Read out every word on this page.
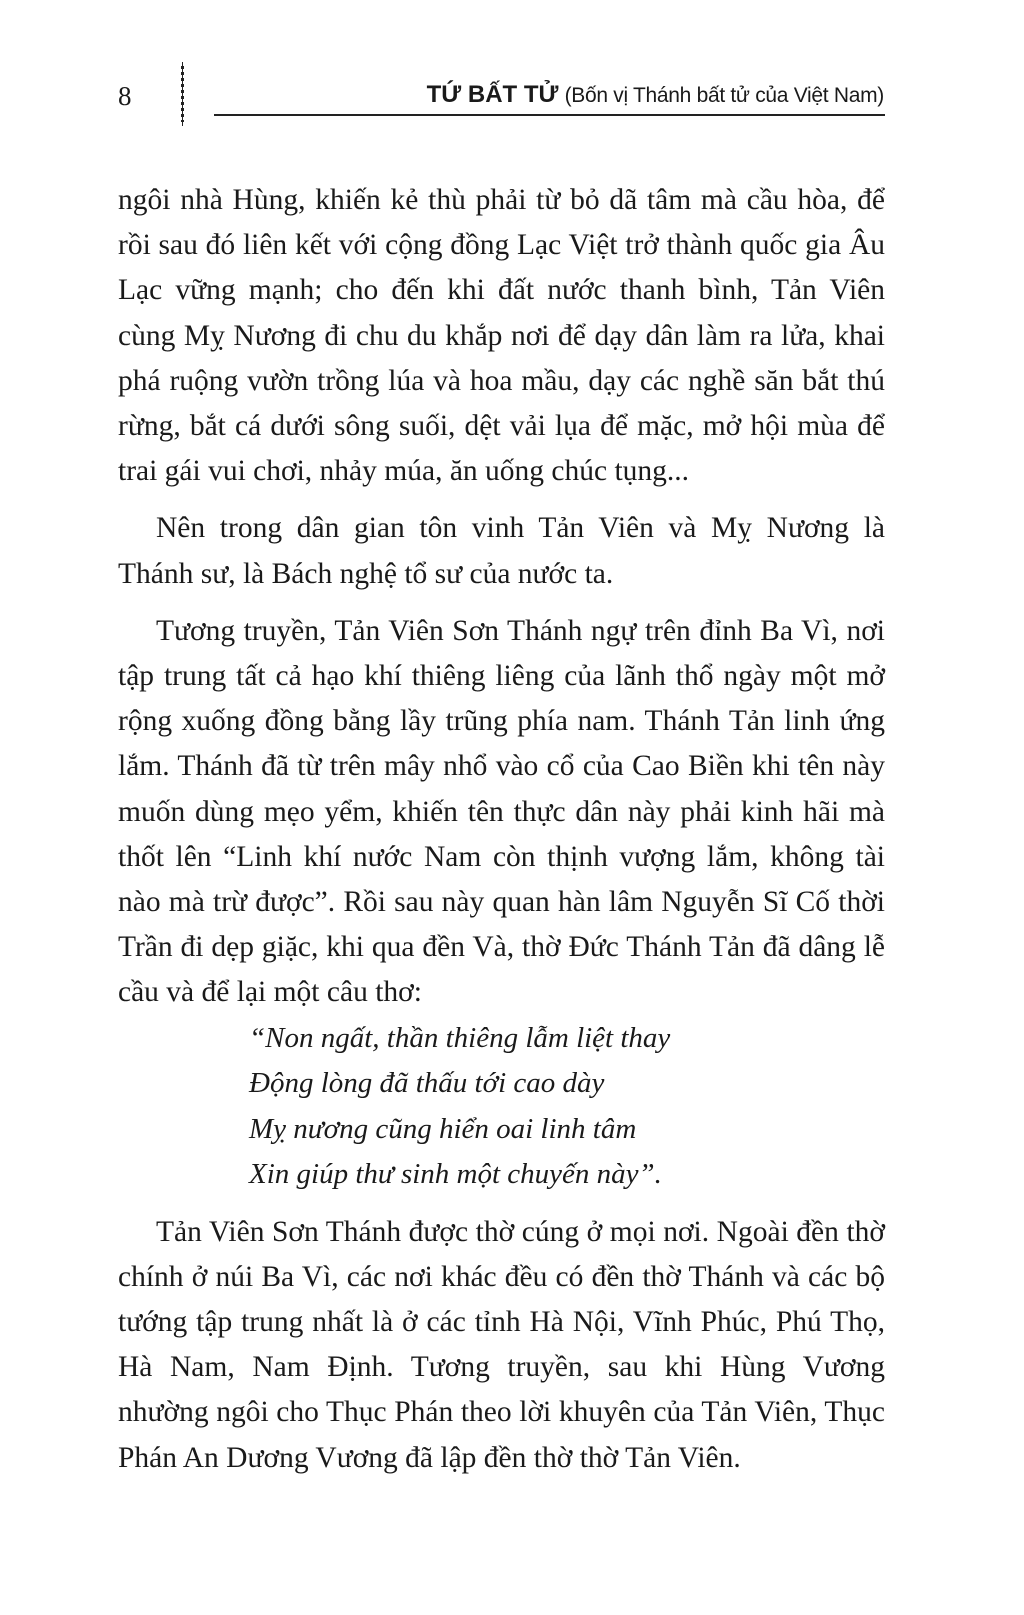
8	TỨ BẤT TỬ (Bốn vị Thánh bất tử của Việt Nam)

ngôi nhà Hùng, khiến kẻ thù phải từ bỏ dã tâm mà cầu hòa, để rồi sau đó liên kết với cộng đồng Lạc Việt trở thành quốc gia Âu Lạc vững mạnh; cho đến khi đất nước thanh bình, Tản Viên cùng Mỵ Nương đi chu du khắp nơi để dạy dân làm ra lửa, khai phá ruộng vườn trồng lúa và hoa mầu, dạy các nghề săn bắt thú rừng, bắt cá dưới sông suối, dệt vải lụa để mặc, mở hội mùa để trai gái vui chơi, nhảy múa, ăn uống chúc tụng...

Nên trong dân gian tôn vinh Tản Viên và Mỵ Nương là Thánh sư, là Bách nghệ tổ sư của nước ta.

Tương truyền, Tản Viên Sơn Thánh ngự trên đỉnh Ba Vì, nơi tập trung tất cả hạo khí thiêng liêng của lãnh thổ ngày một mở rộng xuống đồng bằng lầy trũng phía nam. Thánh Tản linh ứng lắm. Thánh đã từ trên mây nhổ vào cổ của Cao Biền khi tên này muốn dùng mẹo yểm, khiến tên thực dân này phải kinh hãi mà thốt lên “Linh khí nước Nam còn thịnh vượng lắm, không tài nào mà trừ được”. Rồi sau này quan hàn lâm Nguyễn Sĩ Cố thời Trần đi dẹp giặc, khi qua đền Và, thờ Đức Thánh Tản đã dâng lễ cầu và để lại một câu thơ:

“Non ngất, thần thiêng lẫm liệt thay
Động lòng đã thấu tới cao dày
Mỵ nương cũng hiển oai linh tâm
Xin giúp thư sinh một chuyến này”.

Tản Viên Sơn Thánh được thờ cúng ở mọi nơi. Ngoài đền thờ chính ở núi Ba Vì, các nơi khác đều có đền thờ Thánh và các bộ tướng tập trung nhất là ở các tỉnh Hà Nội, Vĩnh Phúc, Phú Thọ, Hà Nam, Nam Định. Tương truyền, sau khi Hùng Vương nhường ngôi cho Thục Phán theo lời khuyên của Tản Viên, Thục Phán An Dương Vương đã lập đền thờ thờ Tản Viên.
